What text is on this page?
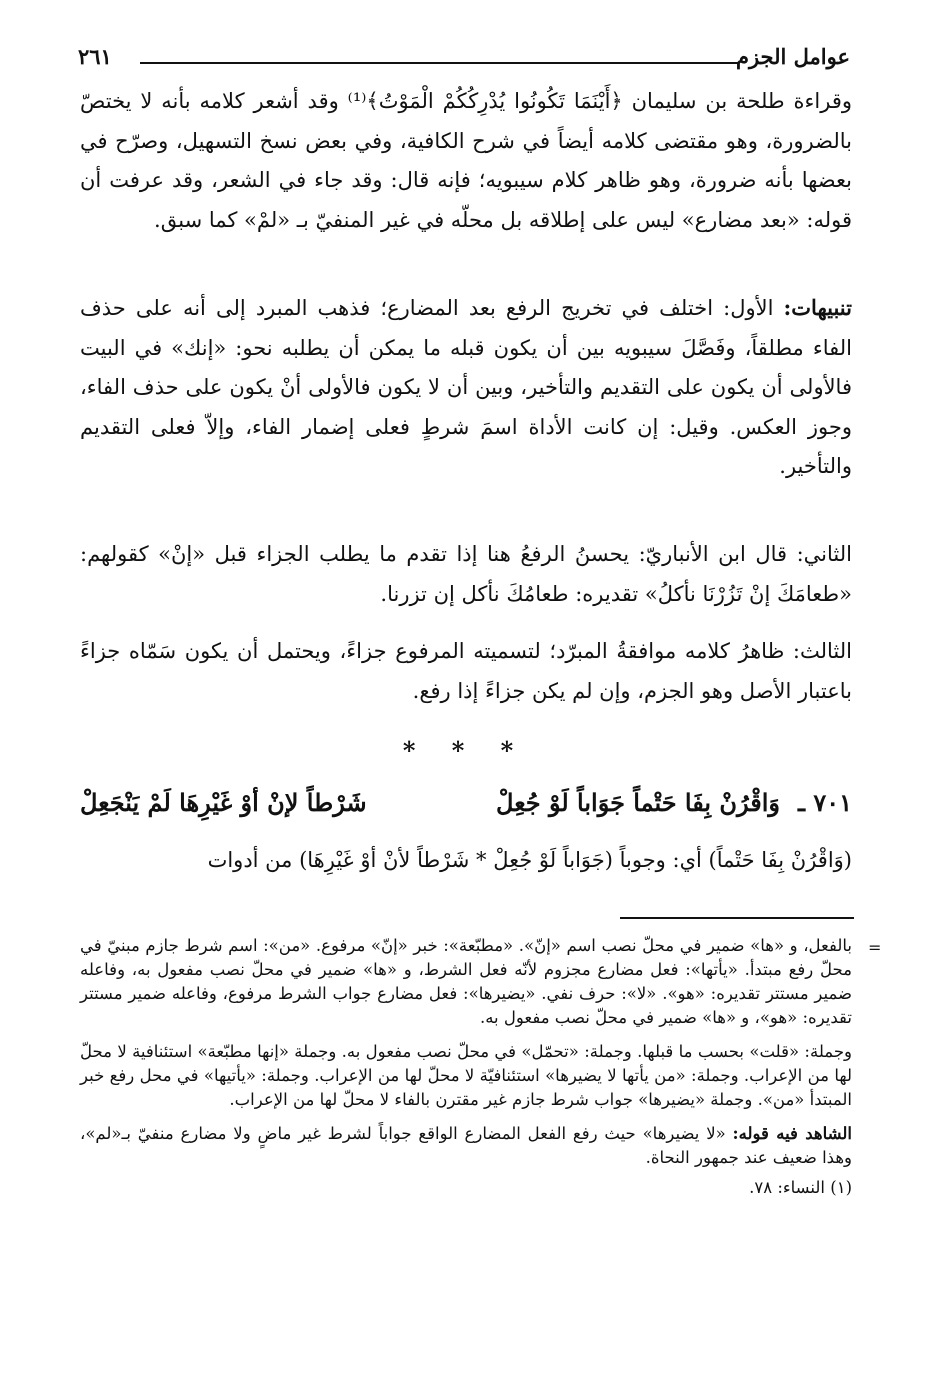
عوامل الجزم
٢٦١

وقراءة طلحة بن سليمان ﴿أَيْنَمَا تَكُونُوا يُدْرِكُكُمْ الْمَوْتُ﴾⁽¹⁾ وقد أشعر كلامه بأنه لا يختصّ بالضرورة، وهو مقتضى كلامه أيضاً في شرح الكافية، وفي بعض نسخ التسهيل، وصرّح في بعضها بأنه ضرورة، وهو ظاهر كلام سيبويه؛ فإنه قال: وقد جاء في الشعر، وقد عرفت أن قوله: «بعد مضارع» ليس على إطلاقه بل محلّه في غير المنفيّ بـ «لمْ» كما سبق.

تنبيهات: الأول: اختلف في تخريج الرفع بعد المضارع؛ فذهب المبرد إلى أنه على حذف الفاء مطلقاً، وفَصَّلَ سيبويه بين أن يكون قبله ما يمكن أن يطلبه نحو: «إنك» في البيت فالأولى أن يكون على التقديم والتأخير، وبين أن لا يكون فالأولى أنْ يكون على حذف الفاء، وجوز العكس. وقيل: إن كانت الأداة اسمَ شرطٍ فعلى إضمار الفاء، وإلاّ فعلى التقديم والتأخير.

الثاني: قال ابن الأنباريّ: يحسنُ الرفعُ هنا إذا تقدم ما يطلب الجزاء قبل «إنْ» كقولهم: «طعامَكَ إنْ تَزُرْنَا نأكلُ» تقديره: طعامُكَ نأكل إن تزرنا.

الثالث: ظاهرُ كلامه موافقةُ المبرّد؛ لتسميته المرفوع جزاءً، ويحتمل أن يكون سَمّاه جزاءً باعتبار الأصل وهو الجزم، وإن لم يكن جزاءً إذا رفع.

* * *
٧٠١ ـ
وَاقْرُنْ بِفَا حَتْماً جَوَاباً لَوْ جُعِلْ
شَرْطاً لإنْ أوْ غَيْرِهَا لَمْ يَنْجَعِلْ
(وَاقْرُنْ بِفَا حَتْماً) أي: وجوباً (جَوَاباً لَوْ جُعِلْ * شَرْطاً لأنْ أوْ غَيْرِهَا) من أدوات
=

بالفعل، و «ها» ضمير في محلّ نصب اسم «إنّ». «مطبّعة»: خبر «إنّ» مرفوع. «من»: اسم شرط جازم مبنيّ في محلّ رفع مبتدأ. «يأتها»: فعل مضارع مجزوم لأنّه فعل الشرط، و «ها» ضمير في محلّ نصب مفعول به، وفاعله ضمير مستتر تقديره: «هو». «لا»: حرف نفي. «يضيرها»: فعل مضارع جواب الشرط مرفوع، وفاعله ضمير مستتر تقديره: «هو»، و «ها» ضمير في محلّ نصب مفعول به.

وجملة: «قلت» بحسب ما قبلها. وجملة: «تحمّل» في محلّ نصب مفعول به. وجملة «إنها مطبّعة» استئنافية لا محلّ لها من الإعراب. وجملة: «من يأتها لا يضيرها» استئنافيّة لا محلّ لها من الإعراب. وجملة: «يأتيها» في محل رفع خبر المبتدأ «من». وجملة «يضيرها» جواب شرط جازم غير مقترن بالفاء لا محلّ لها من الإعراب.

الشاهد فيه قوله: «لا يضيرها» حيث رفع الفعل المضارع الواقع جواباً لشرط غير ماضٍ ولا مضارع منفيّ بـ«لم»، وهذا ضعيف عند جمهور النحاة.

(١) النساء: ٧٨.
